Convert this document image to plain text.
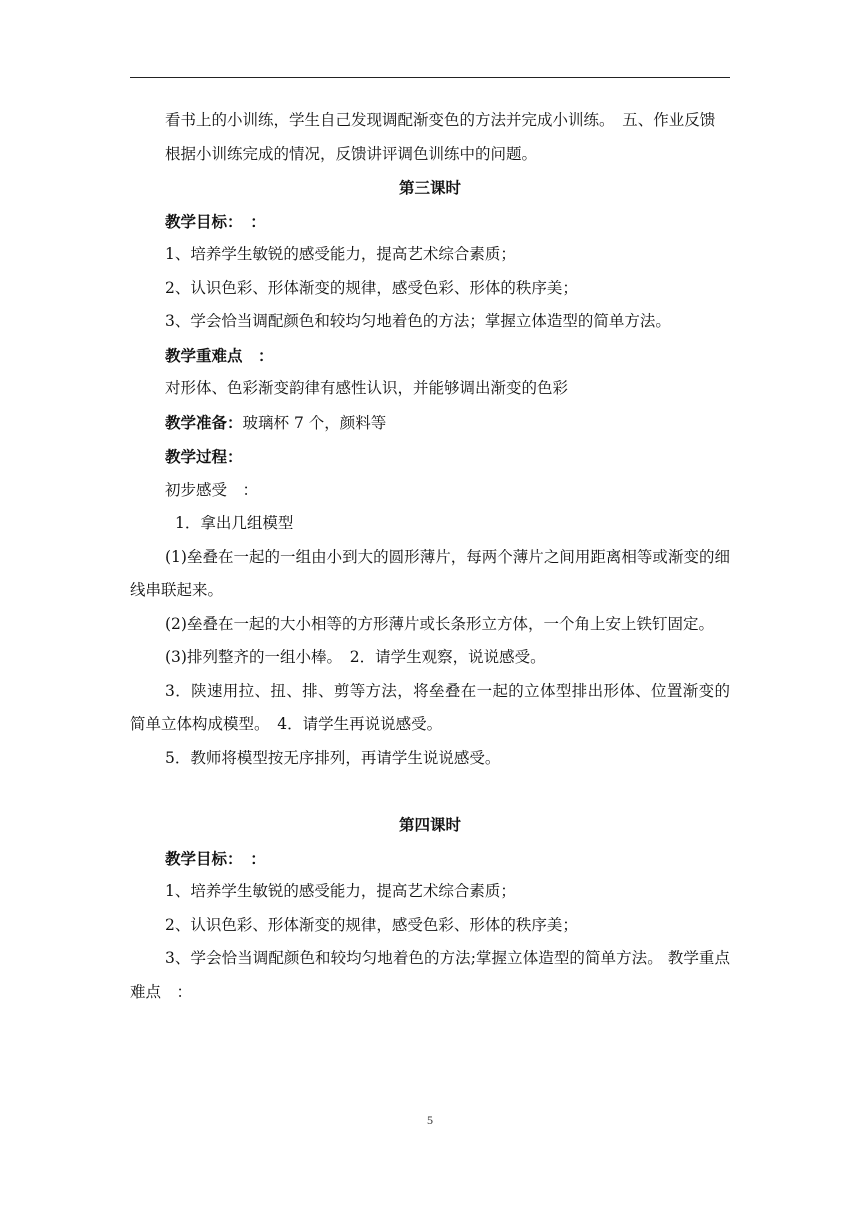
看书上的小训练，学生自己发现调配渐变色的方法并完成小训练。　五、作业反馈

根据小训练完成的情况，反馈讲评调色训练中的问题。

第三课时

教学目标：　：

1、培养学生敏锐的感受能力，提高艺术综合素质；

2、认识色彩、形体渐变的规律，感受色彩、形体的秩序美；

3、学会恰当调配颜色和较均匀地着色的方法；掌握立体造型的简单方法。

教学重难点　：

对形体、色彩渐变韵律有感性认识，并能够调出渐变的色彩

教学准备：玻璃杯 7 个，颜料等

教学过程：

初步感受　：

1．拿出几组模型

(1)垒叠在一起的一组由小到大的圆形薄片，每两个薄片之间用距离相等或渐变的细线串联起来。

(2)垒叠在一起的大小相等的方形薄片或长条形立方体，一个角上安上铁钉固定。

(3)排列整齐的一组小棒。　2．请学生观察，说说感受。

3．陕速用拉、扭、排、剪等方法，将垒叠在一起的立体型排出形体、位置渐变的简单立体构成模型。　4．请学生再说说感受。

5．教师将模型按无序排列，再请学生说说感受。

第四课时

教学目标：　：

1、培养学生敏锐的感受能力，提高艺术综合素质；

2、认识色彩、形体渐变的规律，感受色彩、形体的秩序美；

3、学会恰当调配颜色和较均匀地着色的方法;掌握立体造型的简单方法。 教学重点难点　：

5
